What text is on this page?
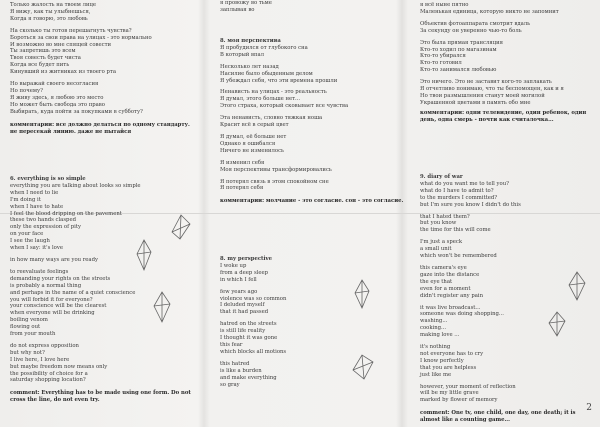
Только жалость на твоем лице

Я вижу, как ты улыбнешься,

Когда я говорю, это любовь

На сколько ты готов перешагнуть чувства?

Бороться за свои права на улицах - это нормально

И возможно во мне спящей совести

Ты запретишь это всем

Твоя совесть будет чиста

Когда все будет пить

Кинувший из житниках из твоего рта

Но выражай своего несогласия

Но почему?

Я живу здесь, я любою это место

Но может быть свобода это право

Выбирать, куда пойти за покупками в субботу?

комментарии: все должно делаться по одному стандарту. не пересекай линию. даже не пытайся

6. everything is so simple

everything you are talking about looks so simple

when I need to lie

I'm doing it

when I have to hate

I feel the blood dripping on the pavement

these two hands clasped

only the expression of pity

on your face

I see the laugh

when I say: it's love

in how many ways are you ready

to reevaluate feelings

demanding your rights on the streets

is probably a normal thing

and perhaps in the name of a quiet conscience

you will forbid it for everyone?

your conscience will be the clearest

when everyone will be drinking

boiling venom

flowing out

from your mouth

do not express opposition

but why not?

I live here, I love here

but maybe freedom now means only

the possibility of choice for a

saturday shopping location?

comment: Everything has to be made using one form. Do not cross the line, do not even try.

я провожу во тьме

заплывая во

8. моя перспектива

Я пробудился от глубокого сна

В который впал

Несколько лет назад

Насилие было обыденным делом

Я убеждал себя, что эти времена прошли

Ненависть на улицах - это реальность

Я думал, этого больше нет...

Этого страха, который сковывает все чувства

Эта ненависть, словно тяжкая ноша

Красит всё в серый цвет

Я думал, её больше нет

Однако я ошибался

Ничего не изменилось

Я изменил себя

Моя перспективы трансформировались

Я потерял связь в этом спокойном сне

Я потерял себя

комментарии: молчание - это согласие. сон - это согласие.

8. my perspective

I woke up

from a deep sleep

in which I fell

few years ago

violence was so common

I deluded myself

that it had passed

hatred on the streets

is still life reality

I thought it was gone

this fear

which blocks all motions

this hatred

is like a burden

and make everything

so gray

я всё ныне пятно

Маленькая единица, которую никто не запомнит

Объектив фотоаппарата смотрит вдаль

За секунду он уверенно чью-то боль

Это была прямая трансляция

Кто-то ходил по магазинам

Кто-то убирался

Кто-то готовил

Кто-то занимался любовью

Это ничего. Это не заставит кого-то заплакать

Я отчетливо понимаю, что ты беспомощен, как и я

Но твои размышления станут моей могилой

Украшенной цветами в память обо мне

комментарии: одни телевидение, один ребенок, один день, одна смерь - почти как считалочка...

9. diary of war

what do you want me to tell you?

what do I have to admit to?

to the murders I committed?

but I'm sure you know I didn't do this

that I hated them?

but you know

the time for this will come

I'm just a speck

a small unit

which won't be remembered

this camera's eye

gaze into the distance

the eye that

even for a moment

didn't register any pain

it was live broadcast...

someone was doing shopping...

washing...

cooking...

making love ...

it's nothing

not everyone has to cry

I know perfectly

that you are helpless

just like me

however, your moment of reflection

will be my little grave

marked by flower of memory

comment: One tv, one child, one day, one death; it is almost like a counting game...

2
